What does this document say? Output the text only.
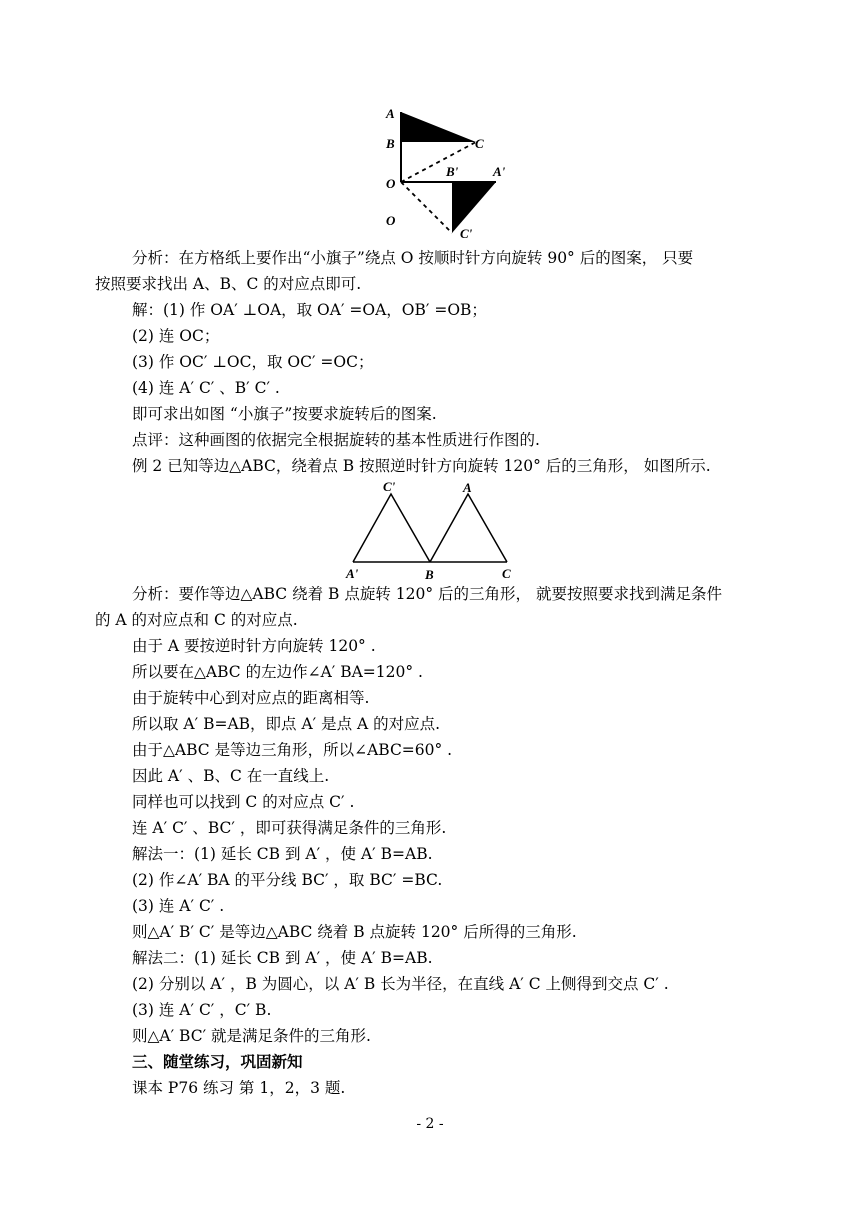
A
B	C
O
B'	A'
C'
O
分析：在方格纸上要作出“小旗子”绕点 O 按顺时针方向旋转 90° 后的图案， 只要
按照要求找出 A、B、C 的对应点即可.
解：(1) 作 OA′ ⊥OA，取 OA′ =OA，OB′ =OB；
(2) 连 OC；
(3) 作 OC′ ⊥OC，取 OC′ =OC；
(4) 连 A′ C′ 、B′ C′ .
即可求出如图 “小旗子”按要求旋转后的图案.
点评：这种画图的依据完全根据旋转的基本性质进行作图的.
例 2 已知等边△ABC，绕着点 B 按照逆时针方向旋转 120° 后的三角形， 如图所示.
C'	A
A'	B	C
分析：要作等边△ABC 绕着 B 点旋转 120° 后的三角形， 就要按照要求找到满足条件
的 A 的对应点和 C 的对应点.
由于 A 要按逆时针方向旋转 120° .
所以要在△ABC 的左边作∠A′ BA=120° .
由于旋转中心到对应点的距离相等.
所以取 A′ B=AB，即点 A′ 是点 A 的对应点.
由于△ABC 是等边三角形，所以∠ABC=60° .
因此 A′ 、B、C 在一直线上.
同样也可以找到 C 的对应点 C′ .
连 A′ C′ 、BC′ ，即可获得满足条件的三角形.
解法一：(1) 延长 CB 到 A′ ，使 A′ B=AB.
(2) 作∠A′ BA 的平分线 BC′ ，取 BC′ =BC.
(3) 连 A′ C′ .
则△A′ B′ C′ 是等边△ABC 绕着 B 点旋转 120° 后所得的三角形.
解法二：(1) 延长 CB 到 A′ ，使 A′ B=AB.
(2) 分别以 A′ ，B 为圆心，以 A′ B 长为半径，在直线 A′ C 上侧得到交点 C′ .
(3) 连 A′ C′ ，C′ B.
则△A′ BC′ 就是满足条件的三角形.
三、随堂练习，巩固新知
课本 P76 练习 第 1，2，3 题.
- 2 -
